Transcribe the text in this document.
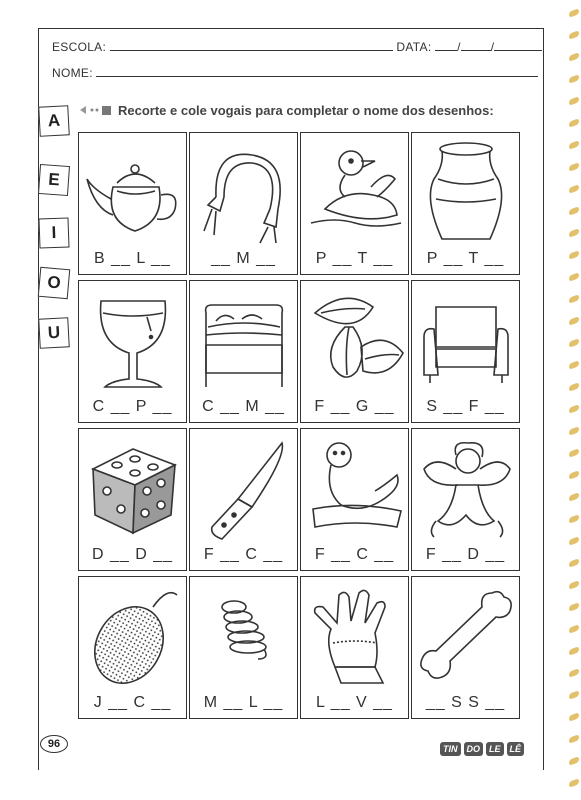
ESCOLA:	DATA: /	/
NOME:
Recorte e cole vogais para completar o nome dos desenhos:
A
E
I
O
U
B __ L __	__ M __	P __ T __	P __ T __
C __ P __	C __ M __	F __ G __	S __ F __
D __ D __	F __ C __	F __ C __	F __ D __
J __ C __	M __ L __	L __ V __	__ S S __
96	TIN	DO	LE	LÊ
